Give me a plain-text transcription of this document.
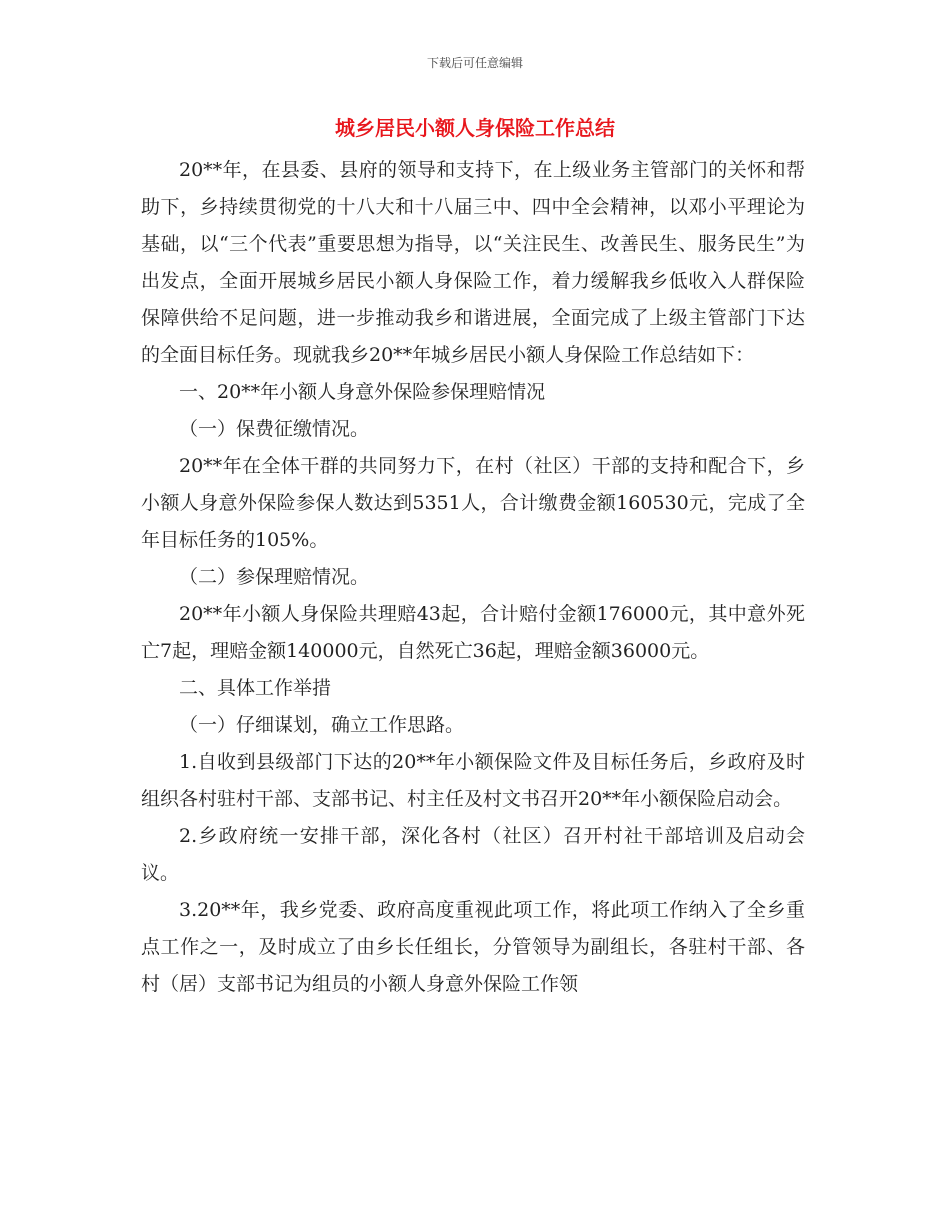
下载后可任意编辑
城乡居民小额人身保险工作总结

20**年，在县委、县府的领导和支持下，在上级业务主管部门的关怀和帮助下，乡持续贯彻党的十八大和十八届三中、四中全会精神，以邓小平理论为基础，以“三个代表”重要思想为指导，以“关注民生、改善民生、服务民生”为出发点，全面开展城乡居民小额人身保险工作，着力缓解我乡低收入人群保险保障供给不足问题，进一步推动我乡和谐进展，全面完成了上级主管部门下达的全面目标任务。现就我乡20**年城乡居民小额人身保险工作总结如下：

一、20**年小额人身意外保险参保理赔情况

（一）保费征缴情况。

20**年在全体干群的共同努力下，在村（社区）干部的支持和配合下，乡小额人身意外保险参保人数达到5351人，合计缴费金额160530元，完成了全年目标任务的105%。

（二）参保理赔情况。

20**年小额人身保险共理赔43起，合计赔付金额176000元，其中意外死亡7起，理赔金额140000元，自然死亡36起，理赔金额36000元。

二、具体工作举措

（一）仔细谋划，确立工作思路。

1.自收到县级部门下达的20**年小额保险文件及目标任务后，乡政府及时组织各村驻村干部、支部书记、村主任及村文书召开20**年小额保险启动会。

2.乡政府统一安排干部，深化各村（社区）召开村社干部培训及启动会议。

3.20**年，我乡党委、政府高度重视此项工作，将此项工作纳入了全乡重点工作之一，及时成立了由乡长任组长，分管领导为副组长，各驻村干部、各村（居）支部书记为组员的小额人身意外保险工作领
